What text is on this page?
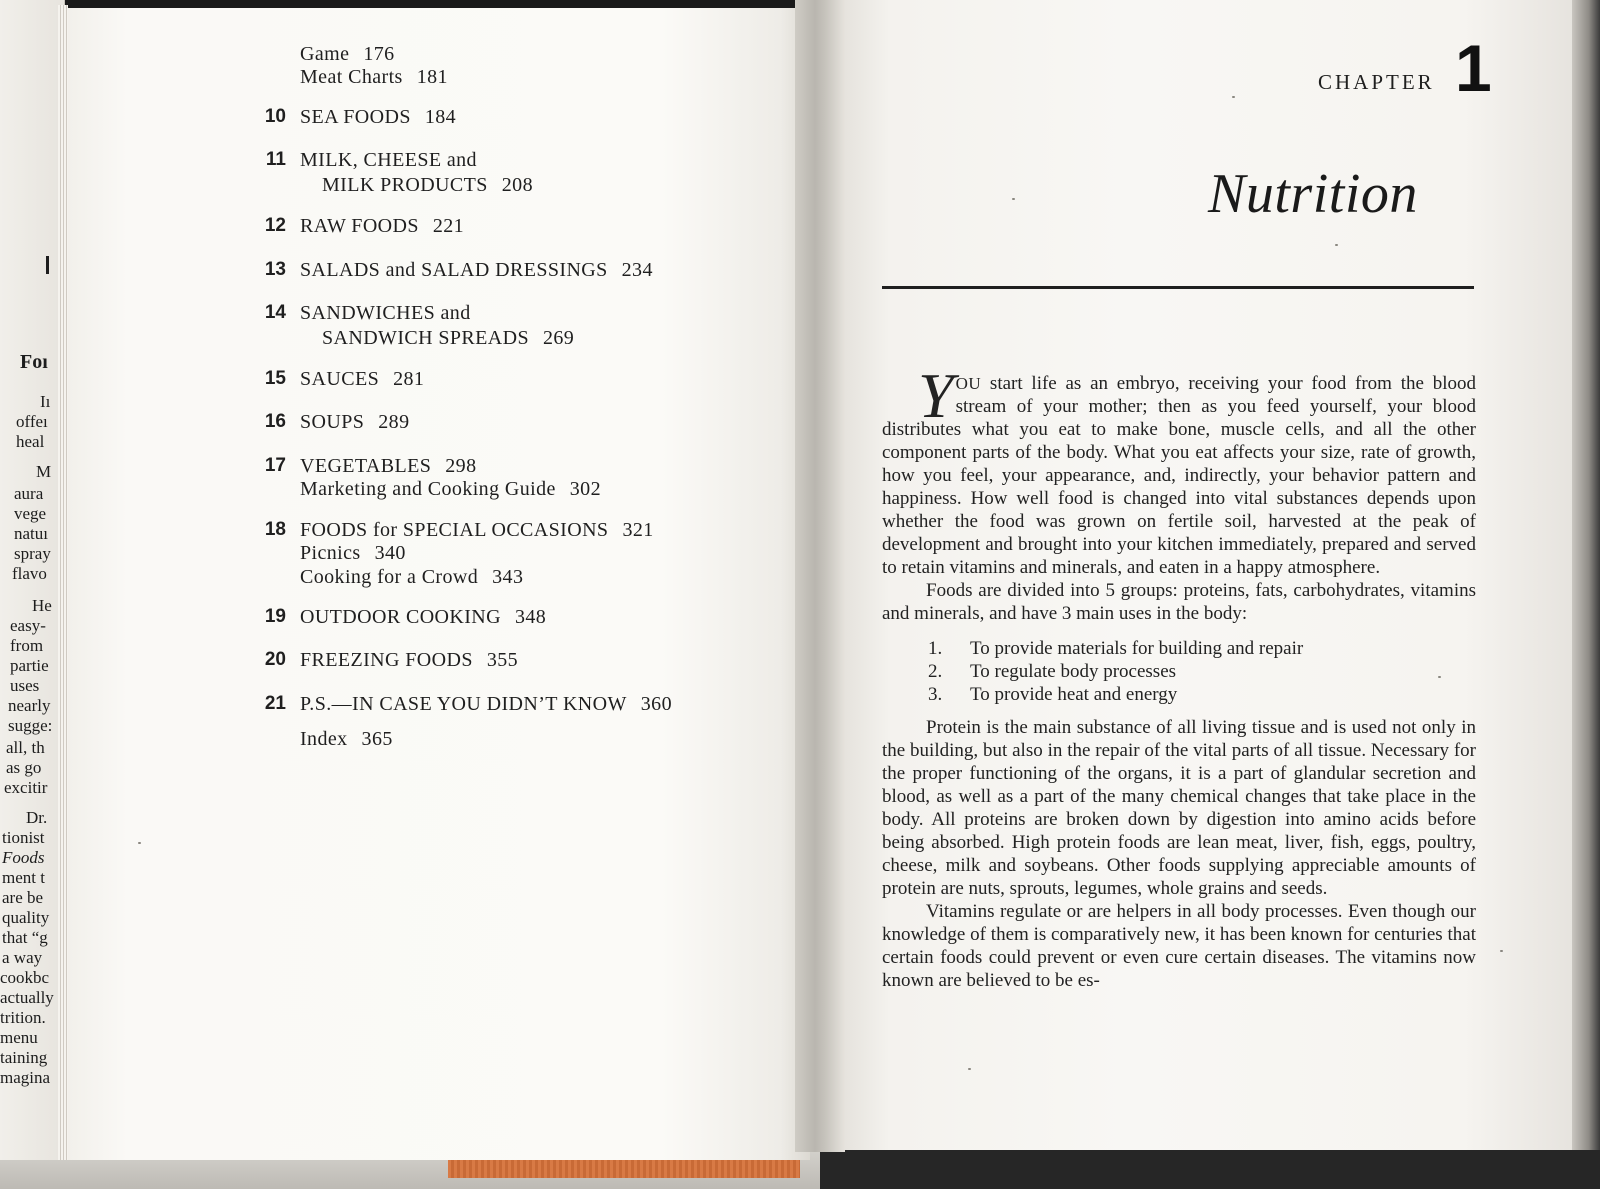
Foı
Iı
offeı
heal
M
aura
vege
natuı
spray
flavo
He
easy-
from
partie
uses
nearly
sugge:
all, th
as go
excitir
Dr.
tionist
Foods
ment t
are be
quality
that “g
a way
cookbc
actually
trition.
menu
taining
magina
Game 176
Meat Charts 181
10 SEA FOODS 184
11 MILK, CHEESE and
MILK PRODUCTS 208
12 RAW FOODS 221
13 SALADS and SALAD DRESSINGS 234
14 SANDWICHES and
SANDWICH SPREADS 269
15 SAUCES 281
16 SOUPS 289
17 VEGETABLES 298
Marketing and Cooking Guide 302
18 FOODS for SPECIAL OCCASIONS 321
Picnics 340
Cooking for a Crowd 343
19 OUTDOOR COOKING 348
20 FREEZING FOODS 355
21 P.S.—IN CASE YOU DIDN’T KNOW 360
Index 365
CHAPTER 1
Nutrition

YOU start life as an embryo, receiving your food from the blood stream of your mother; then as you feed yourself, your blood distributes what you eat to make bone, muscle cells, and all the other component parts of the body. What you eat affects your size, rate of growth, how you feel, your appearance, and, indirectly, your behavior pattern and happiness. How well food is changed into vital substances depends upon whether the food was grown on fertile soil, harvested at the peak of development and brought into your kitchen immediately, prepared and served to retain vitamins and minerals, and eaten in a happy atmosphere.

Foods are divided into 5 groups: proteins, fats, carbohydrates, vitamins and minerals, and have 3 main uses in the body:

1.	To provide materials for building and repair
2.	To regulate body processes
3.	To provide heat and energy

Protein is the main substance of all living tissue and is used not only in the building, but also in the repair of the vital parts of all tissue. Necessary for the proper functioning of the organs, it is a part of glandular secretion and blood, as well as a part of the many chemical changes that take place in the body. All proteins are broken down by digestion into amino acids before being absorbed. High protein foods are lean meat, liver, fish, eggs, poultry, cheese, milk and soybeans. Other foods supplying appreciable amounts of protein are nuts, sprouts, legumes, whole grains and seeds.

Vitamins regulate or are helpers in all body processes. Even though our knowledge of them is comparatively new, it has been known for centuries that certain foods could prevent or even cure certain diseases. The vitamins now known are believed to be es-
